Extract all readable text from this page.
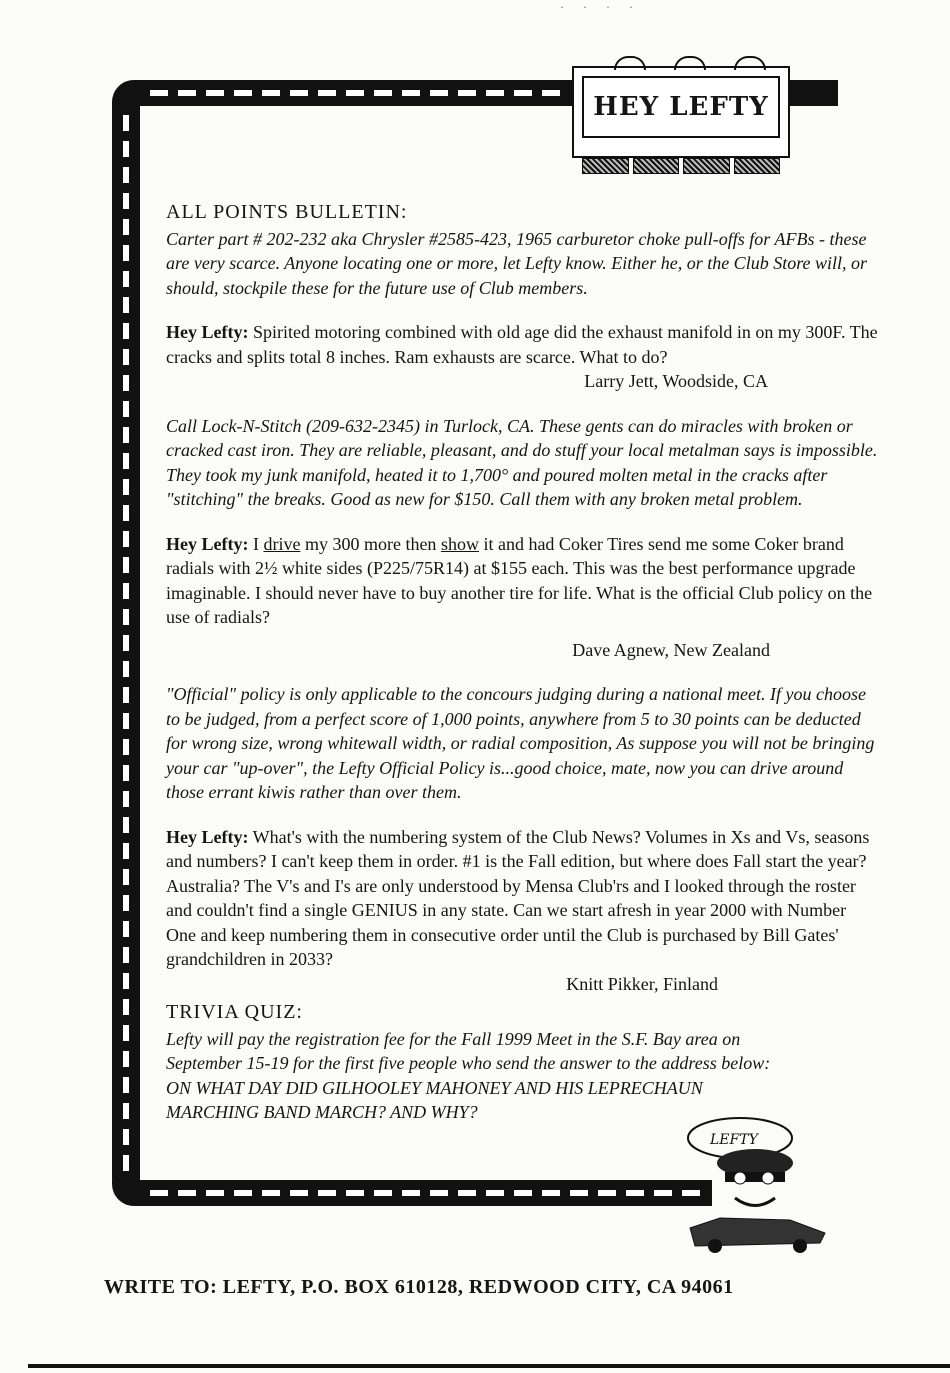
HEY LEFTY
· · · ·

ALL POINTS BULLETIN:

Carter part # 202-232 aka Chrysler #2585-423, 1965 carburetor choke pull-offs for AFBs - these are very scarce. Anyone locating one or more, let Lefty know. Either he, or the Club Store will, or should, stockpile these for the future use of Club members.

Hey Lefty: Spirited motoring combined with old age did the exhaust manifold in on my 300F. The cracks and splits total 8 inches. Ram exhausts are scarce. What to do?

Larry Jett, Woodside, CA

Call Lock-N-Stitch (209-632-2345) in Turlock, CA. These gents can do miracles with broken or cracked cast iron. They are reliable, pleasant, and do stuff your local metalman says is impossible. They took my junk manifold, heated it to 1,700° and poured molten metal in the cracks after "stitching" the breaks. Good as new for $150. Call them with any broken metal problem.

Hey Lefty: I drive my 300 more then show it and had Coker Tires send me some Coker brand radials with 2½ white sides (P225/75R14) at $155 each. This was the best performance upgrade imaginable. I should never have to buy another tire for life. What is the official Club policy on the use of radials?

Dave Agnew, New Zealand

"Official" policy is only applicable to the concours judging during a national meet. If you choose to be judged, from a perfect score of 1,000 points, anywhere from 5 to 30 points can be deducted for wrong size, wrong whitewall width, or radial composition, As suppose you will not be bringing your car "up-over", the Lefty Official Policy is...good choice, mate, now you can drive around those errant kiwis rather than over them.

Hey Lefty: What's with the numbering system of the Club News? Volumes in Xs and Vs, seasons and numbers? I can't keep them in order. #1 is the Fall edition, but where does Fall start the year? Australia? The V's and I's are only understood by Mensa Club'rs and I looked through the roster and couldn't find a single GENIUS in any state. Can we start afresh in year 2000 with Number One and keep numbering them in consecutive order until the Club is purchased by Bill Gates' grandchildren in 2033?

Knitt Pikker, Finland

TRIVIA QUIZ:

Lefty will pay the registration fee for the Fall 1999 Meet in the S.F. Bay area on September 15-19 for the first five people who send the answer to the address below:

ON WHAT DAY DID GILHOOLEY MAHONEY AND HIS LEPRECHAUN MARCHING BAND MARCH? AND WHY?

LEFTY
WRITE TO: LEFTY, P.O. BOX 610128, REDWOOD CITY, CA 94061
